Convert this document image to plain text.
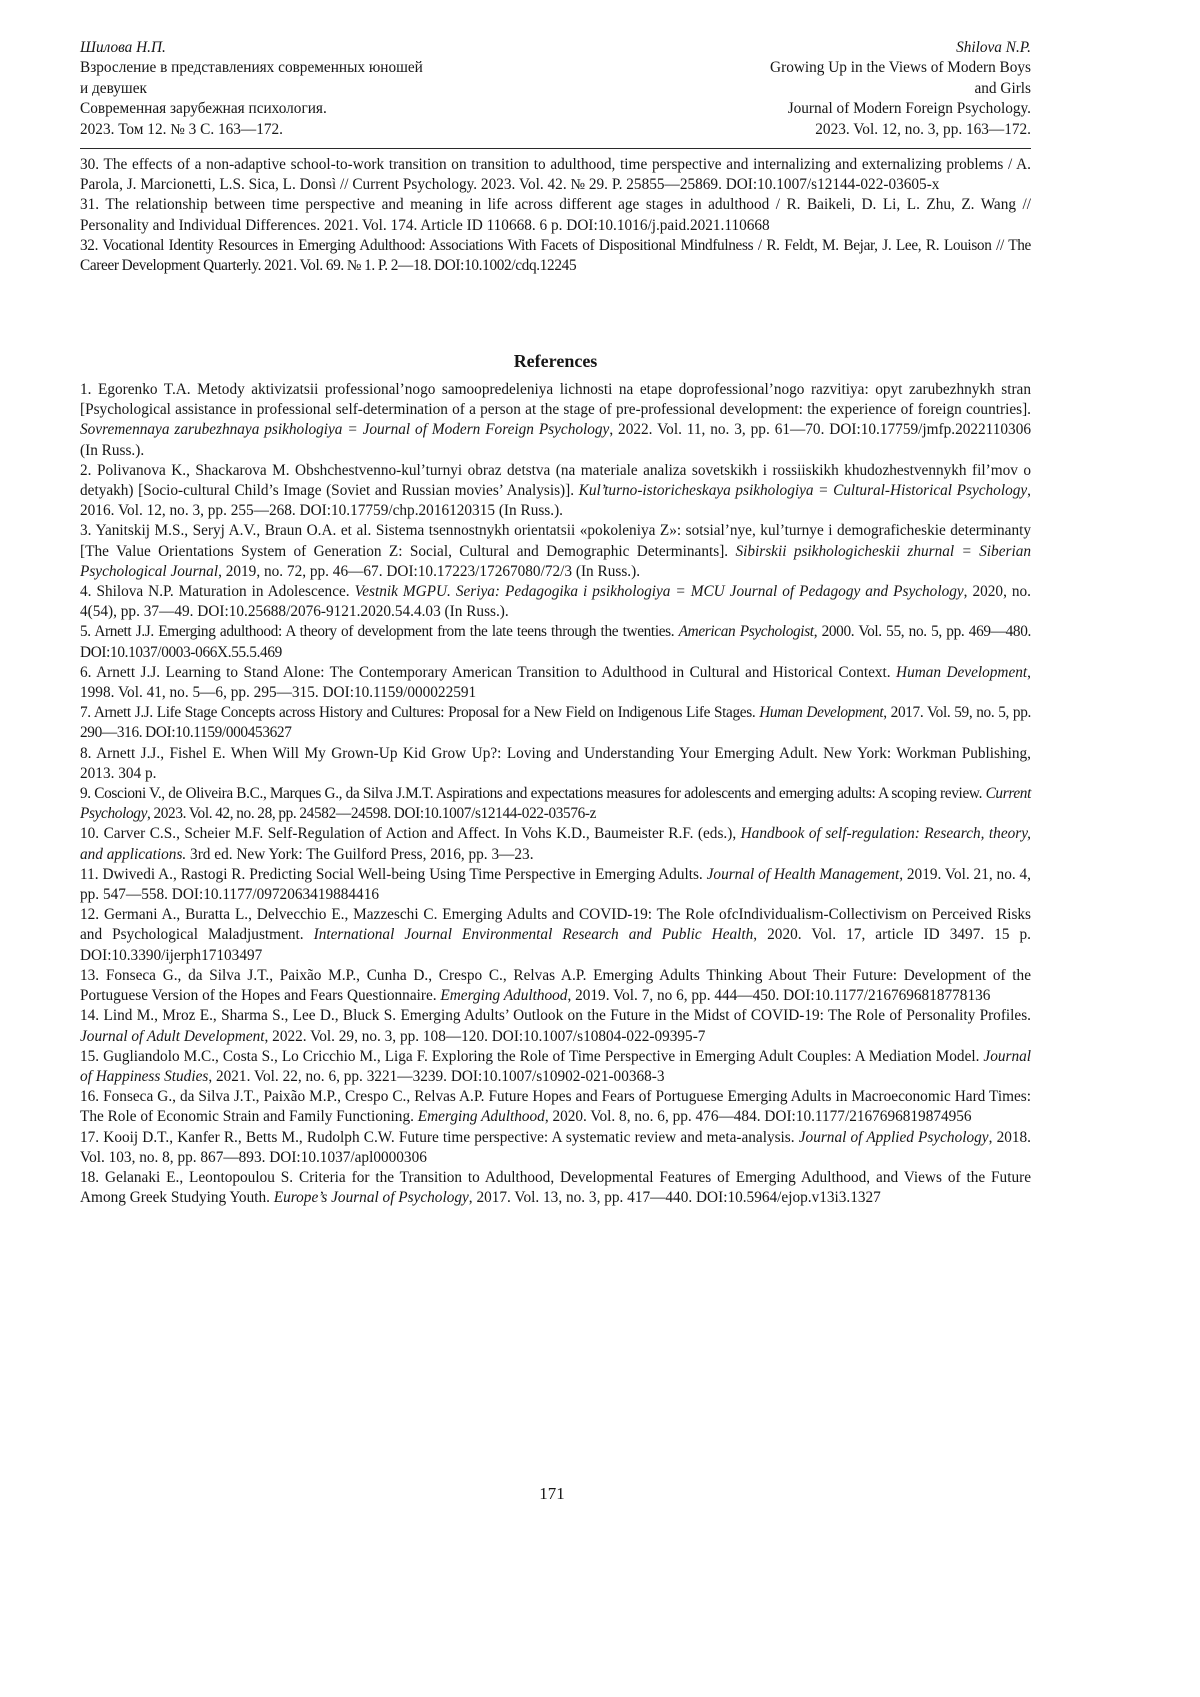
Шилова Н.П.
Взросление в представлениях современных юношей
и девушек
Современная зарубежная психология.
2023. Том 12. № 3 С. 163—172.
Shilova N.P.
Growing Up in the Views of Modern Boys
and Girls
Journal of Modern Foreign Psychology.
2023. Vol. 12, no. 3, pp. 163—172.

30. The effects of a non-adaptive school-to-work transition on transition to adulthood, time perspective and internalizing and externalizing problems / A. Parola, J. Marcionetti, L.S. Sica, L. Donsì // Current Psychology. 2023. Vol. 42. № 29. P. 25855—25869. DOI:10.1007/s12144-022-03605-x

31. The relationship between time perspective and meaning in life across different age stages in adulthood / R. Baikeli, D. Li, L. Zhu, Z. Wang // Personality and Individual Differences. 2021. Vol. 174. Article ID 110668. 6 p. DOI:10.1016/j.paid.2021.110668

32. Vocational Identity Resources in Emerging Adulthood: Associations With Facets of Dispositional Mindfulness / R. Feldt, M. Bejar, J. Lee, R. Louison // The Career Development Quarterly. 2021. Vol. 69. № 1. P. 2—18. DOI:10.1002/cdq.12245

References

1. Egorenko T.A. Metody aktivizatsii professional’nogo samoopredeleniya lichnosti na etape doprofessional’nogo razvitiya: opyt zarubezhnykh stran [Psychological assistance in professional self-determination of a person at the stage of pre-professional development: the experience of foreign countries]. Sovremennaya zarubezhnaya psikhologiya = Journal of Modern Foreign Psychology, 2022. Vol. 11, no. 3, pp. 61—70. DOI:10.17759/jmfp.2022110306 (In Russ.).

2. Polivanova K., Shackarova M. Obshchestvenno-kul’turnyi obraz detstva (na materiale analiza sovetskikh i rossiiskikh khudozhestvennykh fil’mov o detyakh) [Socio-cultural Child’s Image (Soviet and Russian movies’ Analysis)]. Kul’turno-istoricheskaya psikhologiya = Cultural-Historical Psychology, 2016. Vol. 12, no. 3, pp. 255—268. DOI:10.17759/chp.2016120315 (In Russ.).

3. Yanitskij M.S., Seryj A.V., Braun O.A. et al. Sistema tsennostnykh orientatsii «pokoleniya Z»: sotsial’nye, kul’turnye i demograficheskie determinanty [The Value Orientations System of Generation Z: Social, Cultural and Demographic Determinants]. Sibirskii psikhologicheskii zhurnal = Siberian Psychological Journal, 2019, no. 72, pp. 46—67. DOI:10.17223/17267080/72/3 (In Russ.).

4. Shilova N.P. Maturation in Adolescence. Vestnik MGPU. Seriya: Pedagogika i psikhologiya = MCU Journal of Pedagogy and Psychology, 2020, no. 4(54), pp. 37—49. DOI:10.25688/2076-9121.2020.54.4.03 (In Russ.).

5. Arnett J.J. Emerging adulthood: A theory of development from the late teens through the twenties. American Psychologist, 2000. Vol. 55, no. 5, pp. 469—480. DOI:10.1037/0003-066X.55.5.469

6. Arnett J.J. Learning to Stand Alone: The Contemporary American Transition to Adulthood in Cultural and Historical Context. Human Development, 1998. Vol. 41, no. 5—6, pp. 295—315. DOI:10.1159/000022591

7. Arnett J.J. Life Stage Concepts across History and Cultures: Proposal for a New Field on Indigenous Life Stages. Human Development, 2017. Vol. 59, no. 5, pp. 290—316. DOI:10.1159/000453627

8. Arnett J.J., Fishel E. When Will My Grown-Up Kid Grow Up?: Loving and Understanding Your Emerging Adult. New York: Workman Publishing, 2013. 304 p.

9. Coscioni V., de Oliveira B.C., Marques G., da Silva J.M.T. Aspirations and expectations measures for adolescents and emerging adults: A scoping review. Current Psychology, 2023. Vol. 42, no. 28, pp. 24582—24598. DOI:10.1007/s12144-022-03576-z

10. Carver C.S., Scheier M.F. Self-Regulation of Action and Affect. In Vohs K.D., Baumeister R.F. (eds.), Handbook of self-regulation: Research, theory, and applications. 3rd ed. New York: The Guilford Press, 2016, pp. 3—23.

11. Dwivedi A., Rastogi R. Predicting Social Well-being Using Time Perspective in Emerging Adults. Journal of Health Management, 2019. Vol. 21, no. 4, pp. 547—558. DOI:10.1177/0972063419884416

12. Germani A., Buratta L., Delvecchio E., Mazzeschi C. Emerging Adults and COVID-19: The Role ofcIndividualism-Collectivism on Perceived Risks and Psychological Maladjustment. International Journal Environmental Research and Public Health, 2020. Vol. 17, article ID 3497. 15 p. DOI:10.3390/ijerph17103497

13. Fonseca G., da Silva J.T., Paixão M.P., Cunha D., Crespo C., Relvas A.P. Emerging Adults Thinking About Their Future: Development of the Portuguese Version of the Hopes and Fears Questionnaire. Emerging Adulthood, 2019. Vol. 7, no 6, pp. 444—450. DOI:10.1177/2167696818778136

14. Lind M., Mroz E., Sharma S., Lee D., Bluck S. Emerging Adults’ Outlook on the Future in the Midst of COVID-19: The Role of Personality Profiles. Journal of Adult Development, 2022. Vol. 29, no. 3, pp. 108—120. DOI:10.1007/s10804-022-09395-7

15. Gugliandolo M.C., Costa S., Lo Cricchio M., Liga F. Exploring the Role of Time Perspective in Emerging Adult Couples: A Mediation Model. Journal of Happiness Studies, 2021. Vol. 22, no. 6, pp. 3221—3239. DOI:10.1007/s10902-021-00368-3

16. Fonseca G., da Silva J.T., Paixão M.P., Crespo C., Relvas A.P. Future Hopes and Fears of Portuguese Emerging Adults in Macroeconomic Hard Times: The Role of Economic Strain and Family Functioning. Emerging Adulthood, 2020. Vol. 8, no. 6, pp. 476—484. DOI:10.1177/2167696819874956

17. Kooij D.T., Kanfer R., Betts M., Rudolph C.W. Future time perspective: A systematic review and meta-analysis. Journal of Applied Psychology, 2018. Vol. 103, no. 8, pp. 867—893. DOI:10.1037/apl0000306

18. Gelanaki E., Leontopoulou S. Criteria for the Transition to Adulthood, Developmental Features of Emerging Adulthood, and Views of the Future Among Greek Studying Youth. Europe’s Journal of Psychology, 2017. Vol. 13, no. 3, pp. 417—440. DOI:10.5964/ejop.v13i3.1327

171
